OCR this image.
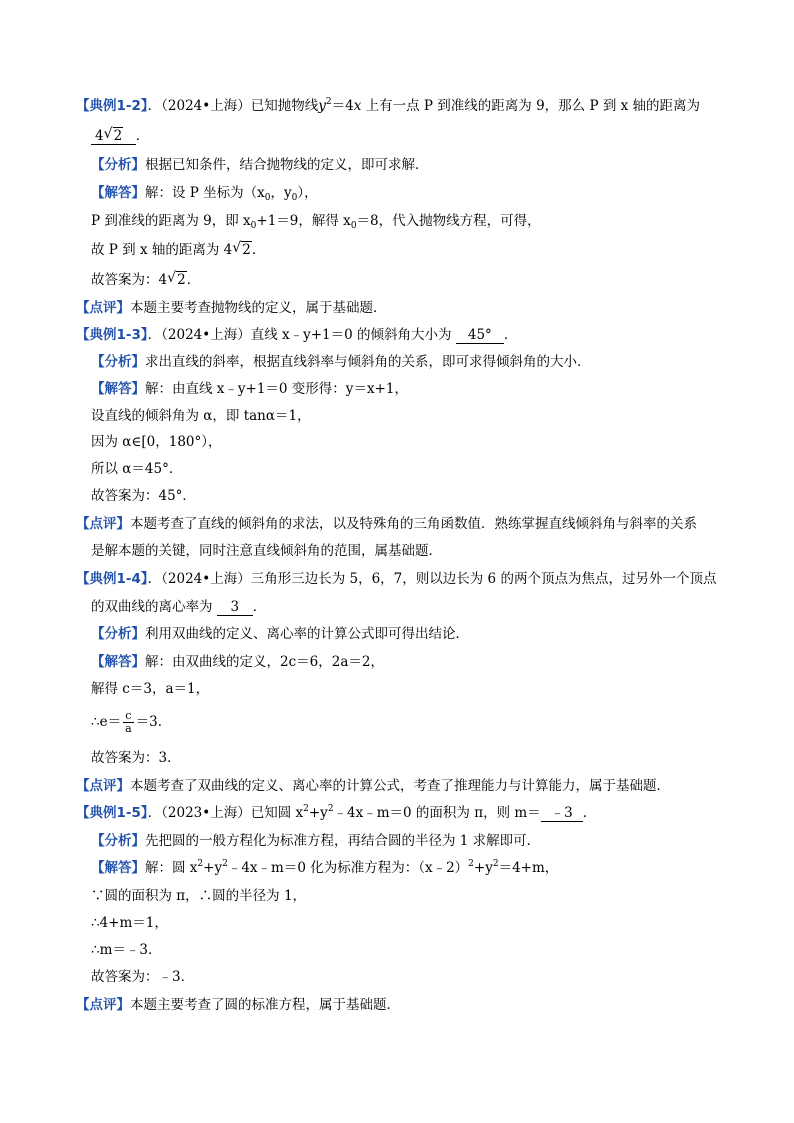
【典例1-2】．（2024•上海）已知抛物线$y^2=4x$ 上有一点 P 到准线的距离为 9，那么 P 到 x 轴的距离为
4 √ 2 ．
【分析】根据已知条件，结合抛物线的定义，即可求解．
【解答】解：设 P 坐标为（$x_0$，$y_0$），
P 到准线的距离为 9，即 $x_0+1=9$，解得 $x_0=8$，代入抛物线方程，可得，
故 P 到 x 轴的距离为 4 √ 2．
故答案为：4 √ 2．
【点评】本题主要考查抛物线的定义，属于基础题．
【典例1-3】．（2024•上海）直线 x﹣y+1＝0 的倾斜角大小为 45° ．
【分析】求出直线的斜率，根据直线斜率与倾斜角的关系，即可求得倾斜角的大小．
【解答】解：由直线 x﹣y+1＝0 变形得：y＝x+1，
设直线的倾斜角为 α，即 tanα＝1，
因为 α∈[0，180°），
所以 α＝45°．
故答案为：45°．
【点评】本题考查了直线的倾斜角的求法，以及特殊角的三角函数值．熟练掌握直线倾斜角与斜率的关系
是解本题的关键，同时注意直线倾斜角的范围，属基础题．
【典例1-4】．（2024•上海）三角形三边长为 5，6，7，则以边长为 6 的两个顶点为焦点，过另外一个顶点
的双曲线的离心率为 3 ．
【分析】利用双曲线的定义、离心率的计算公式即可得出结论．
【解答】解：由双曲线的定义，2c＝6，2a＝2，
解得 c＝3，a＝1，
∴e＝ $\frac{c}{a} =3$．
故答案为：3．
【点评】本题考查了双曲线的定义、离心率的计算公式，考查了推理能力与计算能力，属于基础题．
【典例1-5】．（2023•上海）已知圆 $x^2+y^2﹣4x﹣m=0$ 的面积为 π，则 m＝ ﹣3 ．
【分析】先把圆的一般方程化为标准方程，再结合圆的半径为 1 求解即可．
【解答】解：圆 $x^2+y^2﹣4x﹣m=0$ 化为标准方程为：$(x﹣2)^2+y^2=4+m$，
∵圆的面积为 π，∴圆的半径为 1，
∴4+m＝1，
∴m＝﹣3．
故答案为：﹣3．
【点评】本题主要考查了圆的标准方程，属于基础题．
